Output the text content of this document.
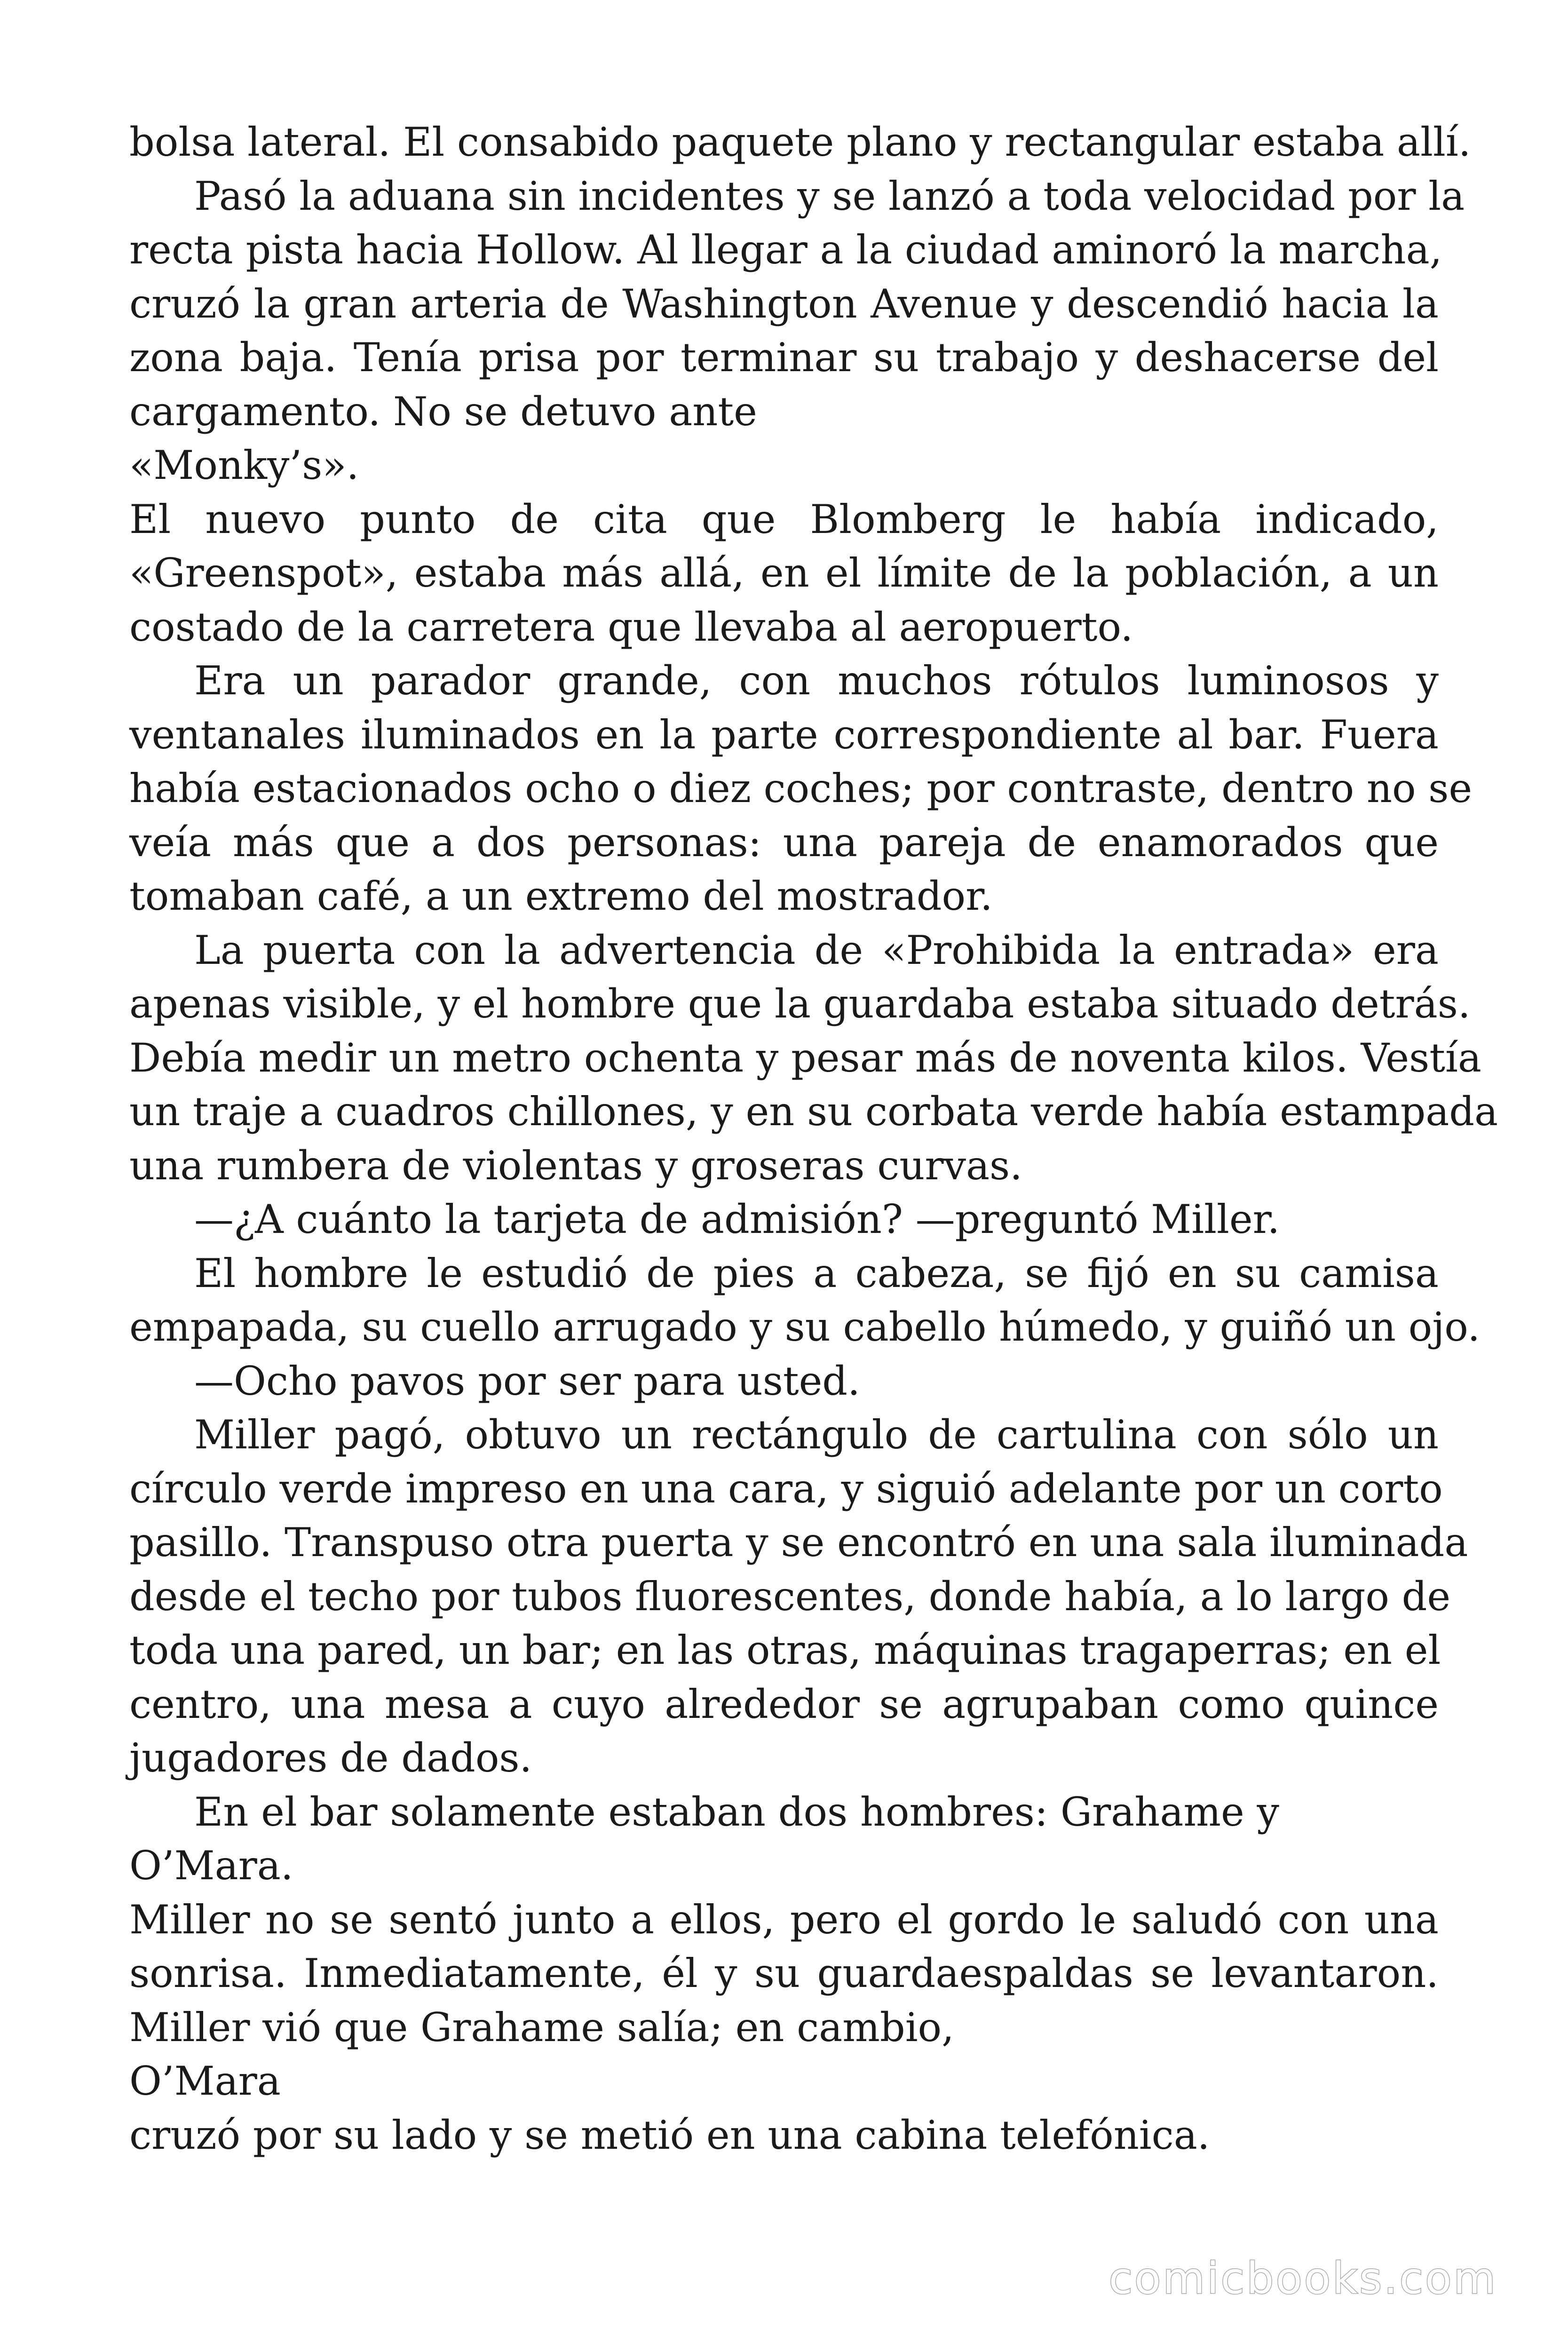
bolsa lateral. El consabido paquete plano y rectangular estaba allí.
Pasó la aduana sin incidentes y se lanzó a toda velocidad por la
recta pista hacia Hollow. Al llegar a la ciudad aminoró la marcha,
cruzó la gran arteria de Washington Avenue y descendió hacia la
zona baja. Tenía prisa por terminar su trabajo y deshacerse del
cargamento. No se detuvo ante
«Monky’s».
El nuevo punto de cita que Blomberg le había indicado,
«Greenspot», estaba más allá, en el límite de la población, a un
costado de la carretera que llevaba al aeropuerto.
Era un parador grande, con muchos rótulos luminosos y
ventanales iluminados en la parte correspondiente al bar. Fuera
había estacionados ocho o diez coches; por contraste, dentro no se
veía más que a dos personas: una pareja de enamorados que
tomaban café, a un extremo del mostrador.
La puerta con la advertencia de «Prohibida la entrada» era
apenas visible, y el hombre que la guardaba estaba situado detrás.
Debía medir un metro ochenta y pesar más de noventa kilos. Vestía
un traje a cuadros chillones, y en su corbata verde había estampada
una rumbera de violentas y groseras curvas.
—¿A cuánto la tarjeta de admisión? —preguntó Miller.
El hombre le estudió de pies a cabeza, se fijó en su camisa
empapada, su cuello arrugado y su cabello húmedo, y guiñó un ojo.
—Ocho pavos por ser para usted.
Miller pagó, obtuvo un rectángulo de cartulina con sólo un
círculo verde impreso en una cara, y siguió adelante por un corto
pasillo. Transpuso otra puerta y se encontró en una sala iluminada
desde el techo por tubos fluorescentes, donde había, a lo largo de
toda una pared, un bar; en las otras, máquinas tragaperras; en el
centro, una mesa a cuyo alrededor se agrupaban como quince
jugadores de dados.
En el bar solamente estaban dos hombres: Grahame y
O’Mara.
Miller no se sentó junto a ellos, pero el gordo le saludó con una
sonrisa. Inmediatamente, él y su guardaespaldas se levantaron.
Miller vió que Grahame salía; en cambio,
O’Mara
cruzó por su lado y se metió en una cabina telefónica.
comicbooks.com
